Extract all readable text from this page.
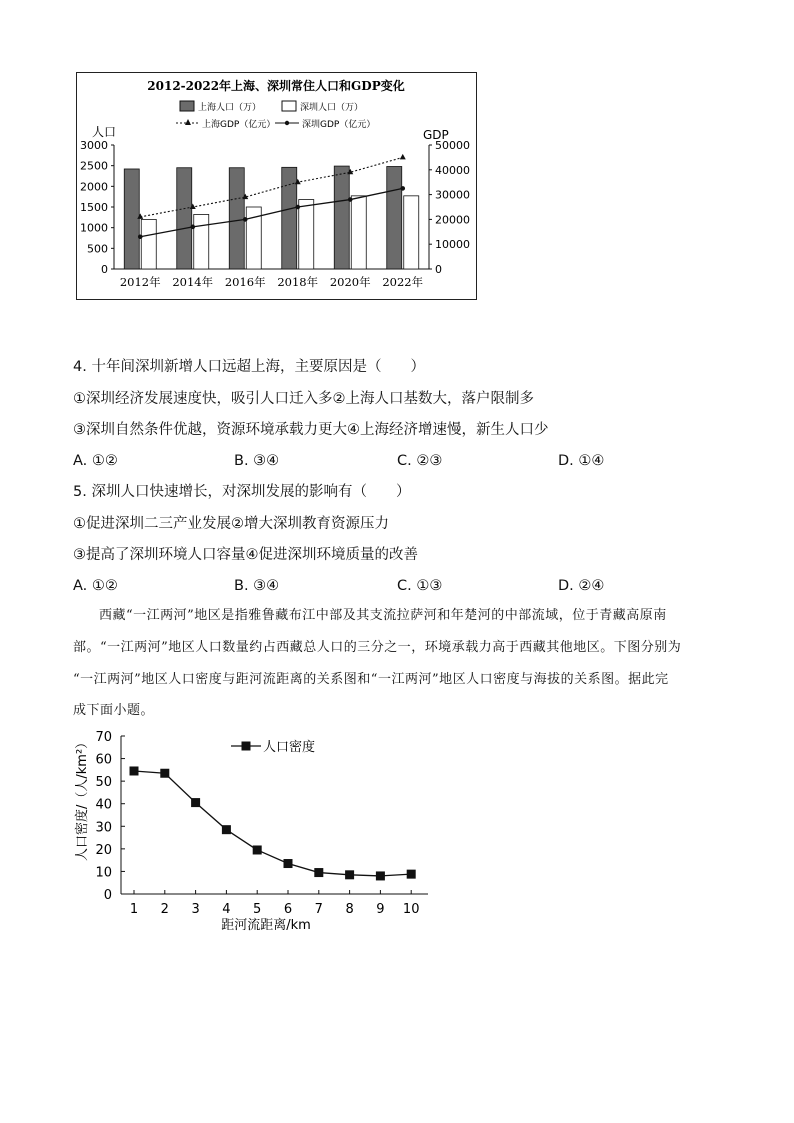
2012-2022年上海、深圳常住人口和GDP变化
上海人口（万）	深圳人口（万）
上海GDP（亿元）	深圳GDP（亿元）
人口	GDP
0
500
1000
1500
2000
2500
3000
0
10000
20000
30000
40000
50000
2012年 2014年 2016年 2018年 2020年 2022年
4. 十年间深圳新增人口远超上海，主要原因是（　　）
①深圳经济发展速度快，吸引人口迁入多②上海人口基数大，落户限制多
③深圳自然条件优越，资源环境承载力更大④上海经济增速慢，新生人口少
A. ①②	B. ③④	C. ②③	D. ①④
5. 深圳人口快速增长，对深圳发展的影响有（　　）
①促进深圳二三产业发展②增大深圳教育资源压力
③提高了深圳环境人口容量④促进深圳环境质量的改善
A. ①②	B. ③④	C. ①③	D. ②④
西藏“一江两河”地区是指雅鲁藏布江中部及其支流拉萨河和年楚河的中部流域，位于青藏高原南
部。“一江两河”地区人口数量约占西藏总人口的三分之一，环境承载力高于西藏其他地区。下图分别为
“一江两河”地区人口密度与距河流距离的关系图和“一江两河”地区人口密度与海拔的关系图。据此完
成下面小题。
人口密度/（人/km²）	人口密度
距河流距离/km
0
10
20
30
40
50
60
70
1 2 3 4 5 6 7 8 9 10
